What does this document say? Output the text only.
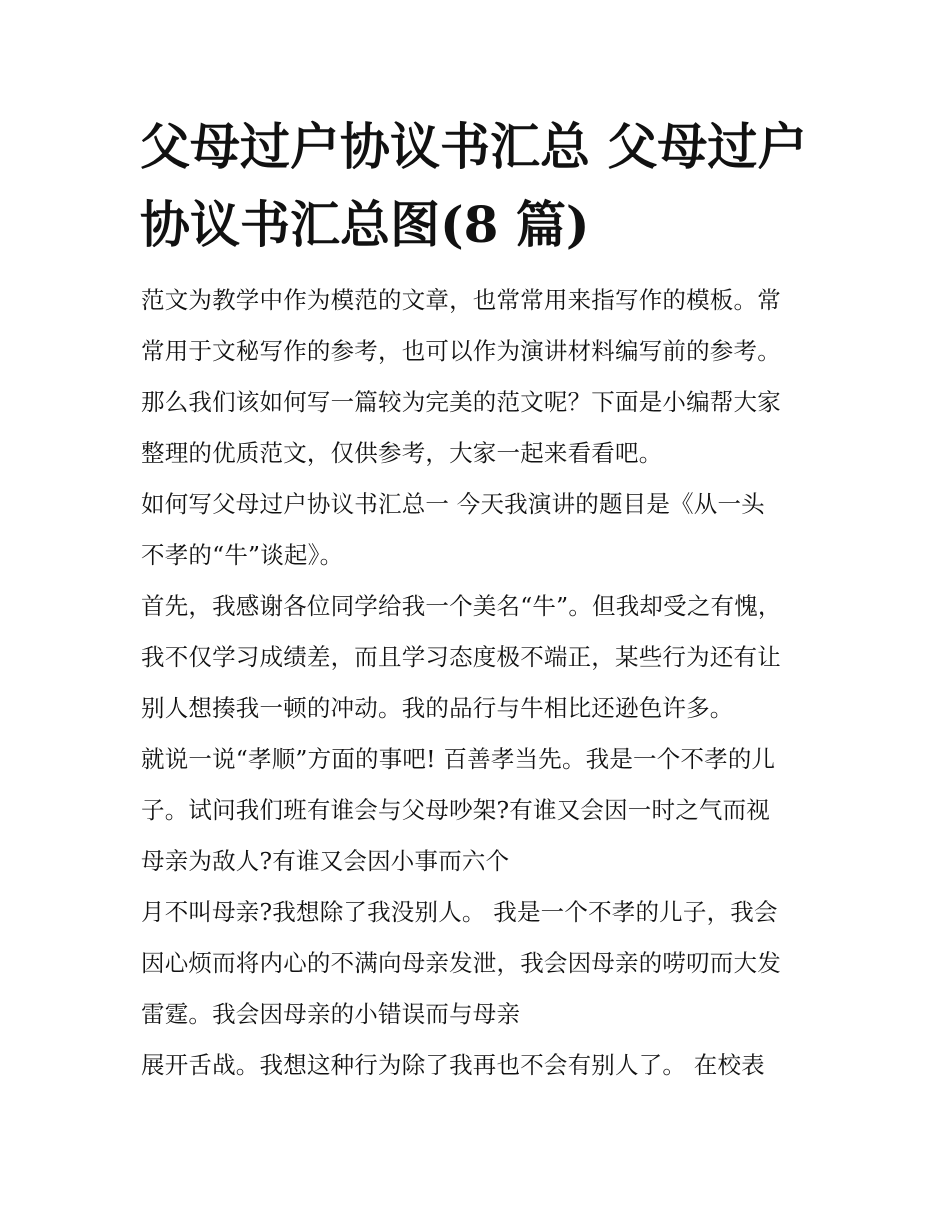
父母过户协议书汇总 父母过户
协议书汇总图(8 篇)

范文为教学中作为模范的文章，也常常用来指写作的模板。常

常用于文秘写作的参考，也可以作为演讲材料编写前的参考。

那么我们该如何写一篇较为完美的范文呢？下面是小编帮大家

整理的优质范文，仅供参考，大家一起来看看吧。

如何写父母过户协议书汇总一 今天我演讲的题目是《从一头

不孝的“牛”谈起》。

首先，我感谢各位同学给我一个美名“牛”。但我却受之有愧，

我不仅学习成绩差，而且学习态度极不端正，某些行为还有让

别人想揍我一顿的冲动。我的品行与牛相比还逊色许多。

就说一说“孝顺”方面的事吧! 百善孝当先。我是一个不孝的儿

子。试问我们班有谁会与父母吵架?有谁又会因一时之气而视

母亲为敌人?有谁又会因小事而六个

月不叫母亲?我想除了我没别人。 我是一个不孝的儿子，我会

因心烦而将内心的不满向母亲发泄，我会因母亲的唠叨而大发

雷霆。我会因母亲的小错误而与母亲

展开舌战。我想这种行为除了我再也不会有别人了。 在校表
